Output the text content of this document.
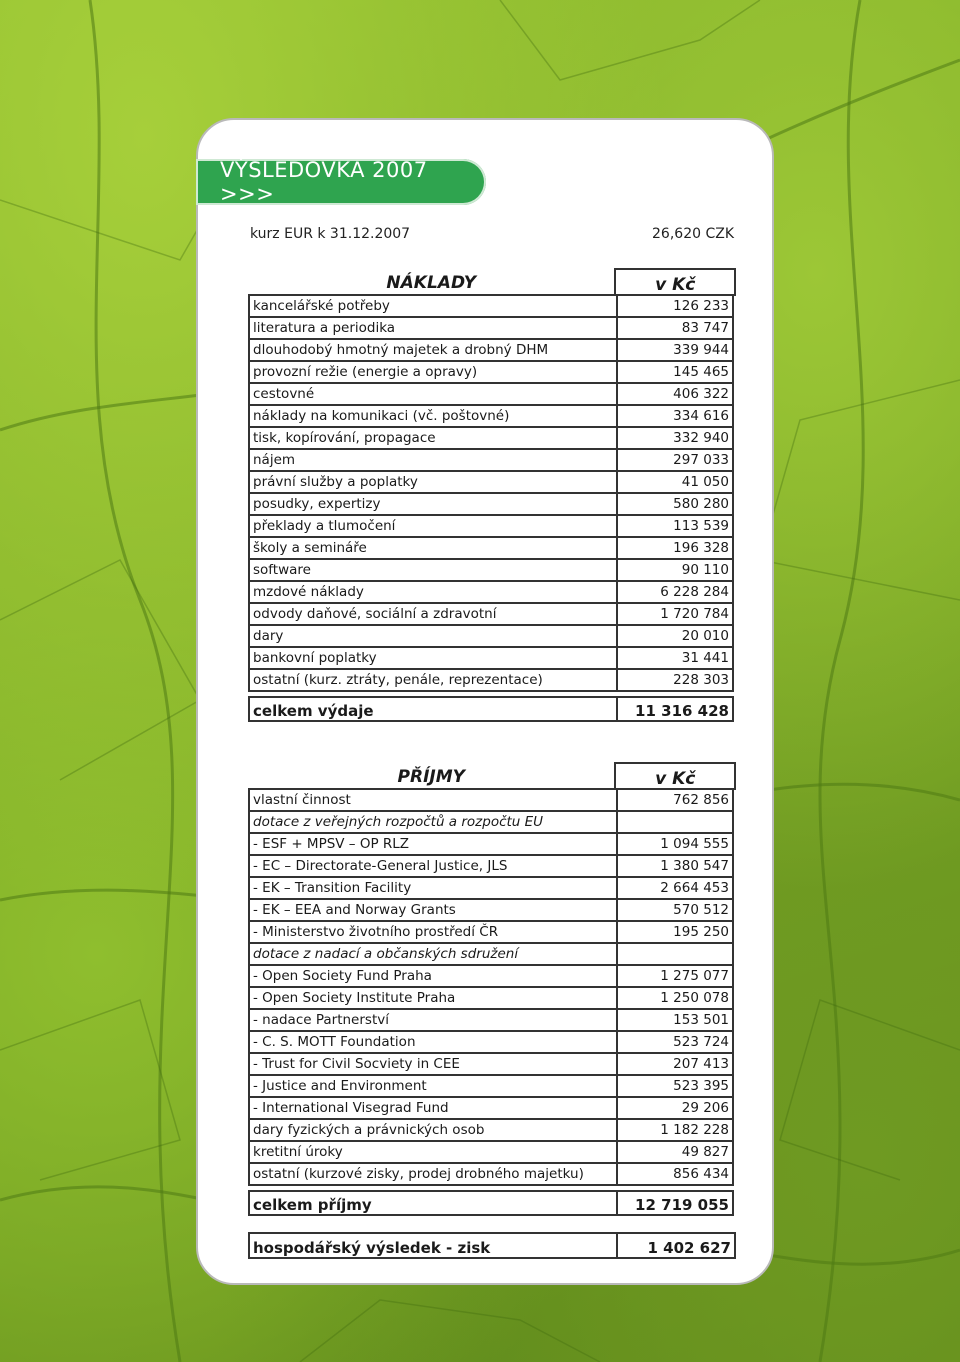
VÝSLEDOVKA 2007 >>>
kurz EUR k 31.12.2007	26,620 CZK
NÁKLADY	v Kč
kancelářské potřeby	126 233
literatura a periodika	83 747
dlouhodobý hmotný majetek a drobný DHM	339 944
provozní režie (energie a opravy)	145 465
cestovné	406 322
náklady na komunikaci (vč. poštovné)	334 616
tisk, kopírování, propagace	332 940
nájem	297 033
právní služby a poplatky	41 050
posudky, expertizy	580 280
překlady a tlumočení	113 539
školy a semináře	196 328
software	90 110
mzdové náklady	6 228 284
odvody daňové, sociální a zdravotní	1 720 784
dary	20 010
bankovní poplatky	31 441
ostatní (kurz. ztráty, penále, reprezentace)	228 303
celkem výdaje	11 316 428
PŘÍJMY	v Kč
vlastní činnost	762 856
dotace z veřejných rozpočtů a rozpočtu EU
- ESF + MPSV – OP RLZ	1 094 555
- EC – Directorate-General Justice, JLS	1 380 547
- EK – Transition Facility	2 664 453
- EK – EEA and Norway Grants	570 512
- Ministerstvo životního prostředí ČR	195 250
dotace z nadací a občanských sdružení
- Open Society Fund Praha	1 275 077
- Open Society Institute Praha	1 250 078
- nadace Partnerství	153 501
- C. S. MOTT Foundation	523 724
- Trust for Civil Socviety in CEE	207 413
- Justice and Environment	523 395
- International Visegrad Fund	29 206
dary fyzických a právnických osob	1 182 228
kretitní úroky	49 827
ostatní (kurzové zisky, prodej drobného majetku)	856 434
celkem příjmy	12 719 055
hospodářský výsledek - zisk	1 402 627
